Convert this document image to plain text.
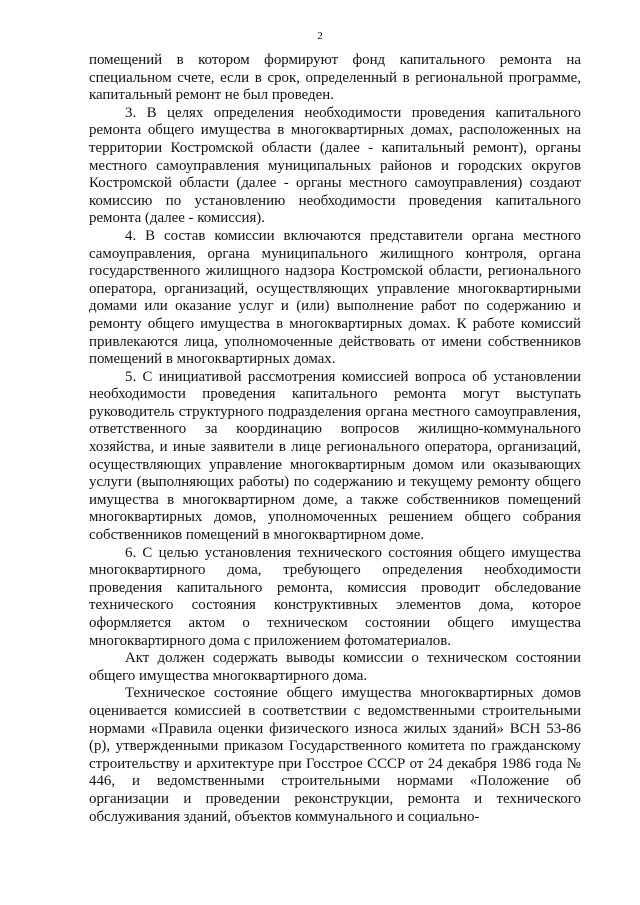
2

помещений в котором формируют фонд капитального ремонта на специальном счете, если в срок, определенный в региональной программе, капитальный ремонт не был проведен.

3. В целях определения необходимости проведения капитального ремонта общего имущества в многоквартирных домах, расположенных на территории Костромской области (далее - капитальный ремонт), органы местного самоуправления муниципальных районов и городских округов Костромской области (далее - органы местного самоуправления) создают комиссию по установлению необходимости проведения капитального ремонта (далее - комиссия).

4. В состав комиссии включаются представители органа местного самоуправления, органа муниципального жилищного контроля, органа государственного жилищного надзора Костромской области, регионального оператора, организаций, осуществляющих управление многоквартирными домами или оказание услуг и (или) выполнение работ по содержанию и ремонту общего имущества в многоквартирных домах. К работе комиссий привлекаются лица, уполномоченные действовать от имени собственников помещений в многоквартирных домах.

5. С инициативой рассмотрения комиссией вопроса об установлении необходимости проведения капитального ремонта могут выступать руководитель структурного подразделения органа местного самоуправления, ответственного за координацию вопросов жилищно-коммунального хозяйства, и иные заявители в лице регионального оператора, организаций, осуществляющих управление многоквартирным домом или оказывающих услуги (выполняющих работы) по содержанию и текущему ремонту общего имущества в многоквартирном доме, а также собственников помещений многоквартирных домов, уполномоченных решением общего собрания собственников помещений в многоквартирном доме.

6. С целью установления технического состояния общего имущества многоквартирного дома, требующего определения необходимости проведения капитального ремонта, комиссия проводит обследование технического состояния конструктивных элементов дома, которое оформляется актом о техническом состоянии общего имущества многоквартирного дома с приложением фотоматериалов.

Акт должен содержать выводы комиссии о техническом состоянии общего имущества многоквартирного дома.

Техническое состояние общего имущества многоквартирных домов оценивается комиссией в соответствии с ведомственными строительными нормами «Правила оценки физического износа жилых зданий» ВСН 53-86 (р), утвержденными приказом Государственного комитета по гражданскому строительству и архитектуре при Госстрое СССР от 24 декабря 1986 года № 446, и ведомственными строительными нормами «Положение об организации и проведении реконструкции, ремонта и технического обслуживания зданий, объектов коммунального и социально-
